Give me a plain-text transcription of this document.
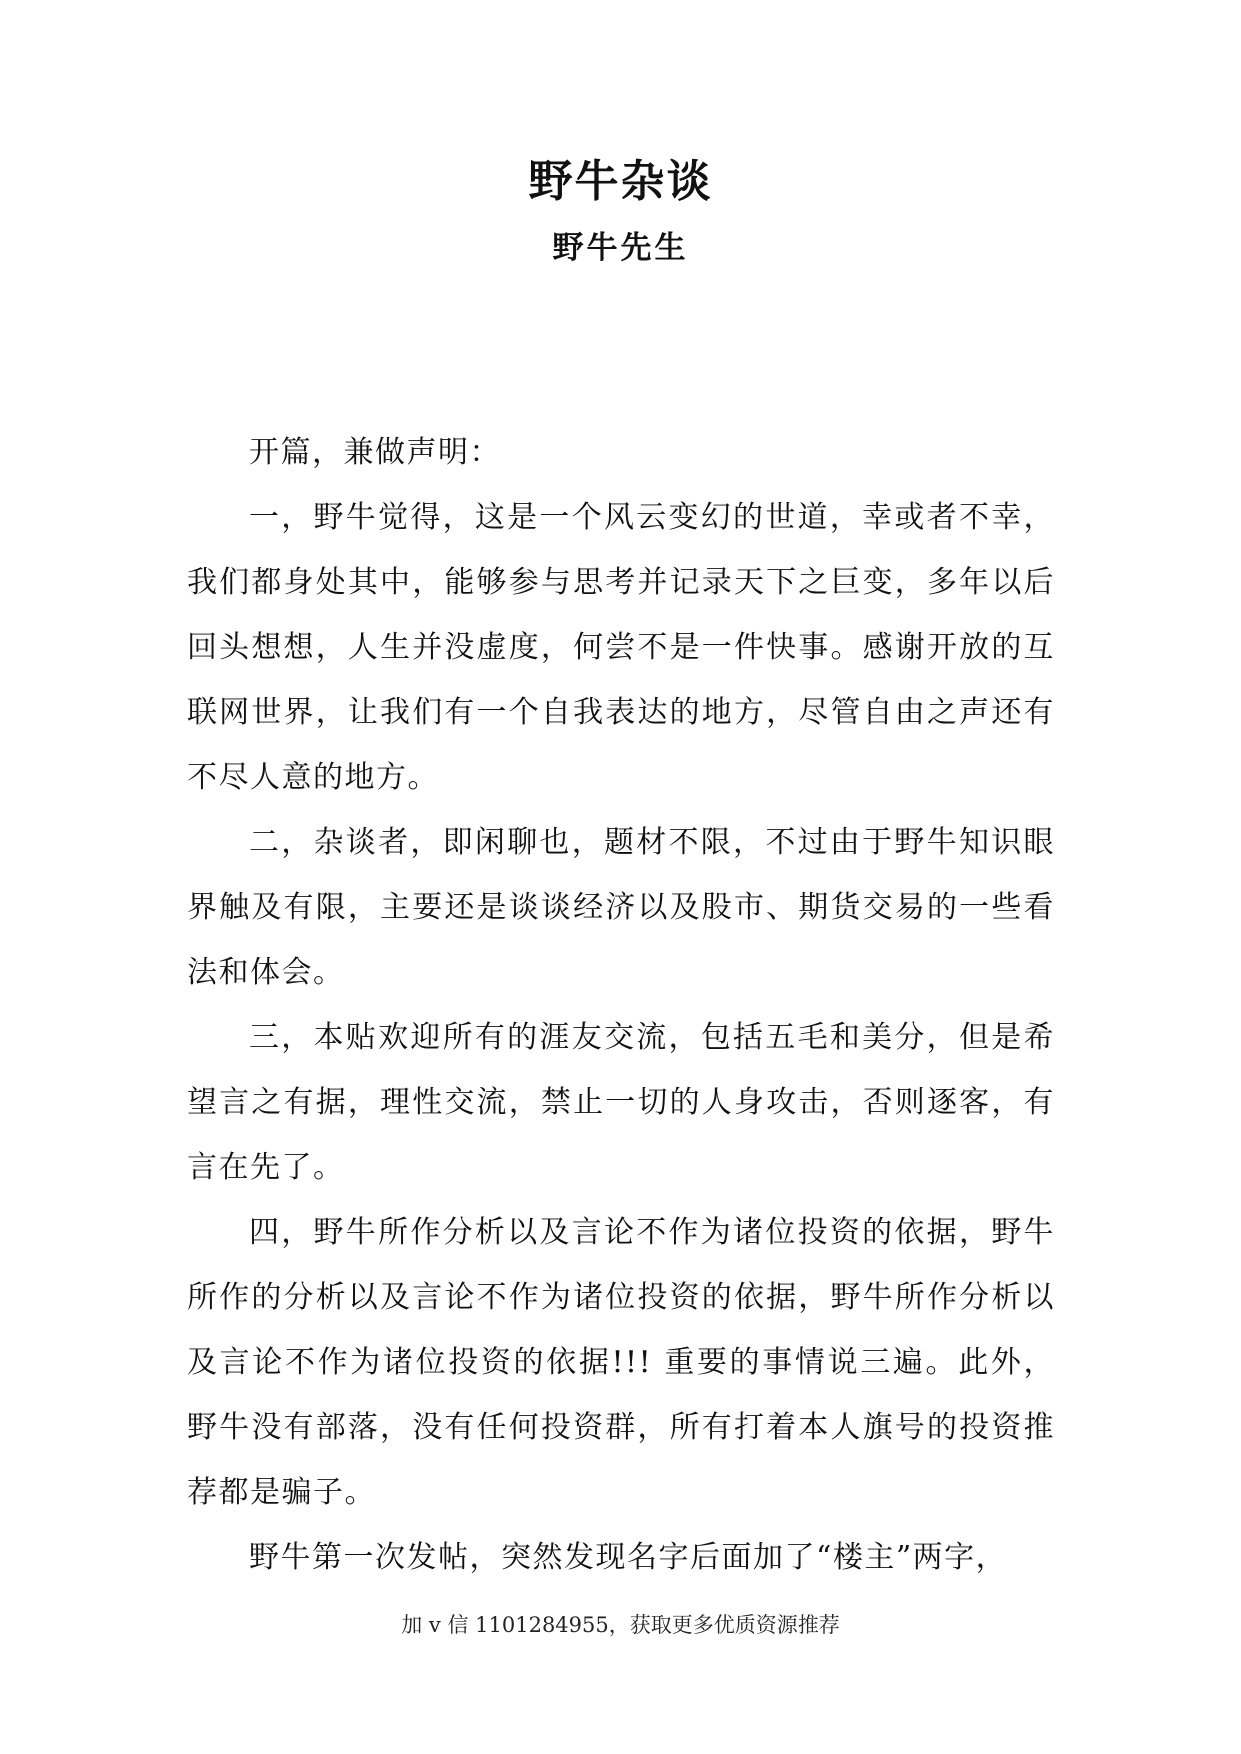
野牛杂谈
野牛先生

开篇，兼做声明：

一，野牛觉得，这是一个风云变幻的世道，幸或者不幸，我们都身处其中，能够参与思考并记录天下之巨变，多年以后回头想想，人生并没虚度，何尝不是一件快事。感谢开放的互联网世界，让我们有一个自我表达的地方，尽管自由之声还有不尽人意的地方。

二，杂谈者，即闲聊也，题材不限，不过由于野牛知识眼界触及有限，主要还是谈谈经济以及股市、期货交易的一些看法和体会。

三，本贴欢迎所有的涯友交流，包括五毛和美分，但是希望言之有据，理性交流，禁止一切的人身攻击，否则逐客，有言在先了。

四，野牛所作分析以及言论不作为诸位投资的依据，野牛所作的分析以及言论不作为诸位投资的依据，野牛所作分析以及言论不作为诸位投资的依据!!! 重要的事情说三遍。此外，野牛没有部落，没有任何投资群，所有打着本人旗号的投资推荐都是骗子。

野牛第一次发帖，突然发现名字后面加了“楼主”两字，

加 v 信 1101284955，获取更多优质资源推荐
